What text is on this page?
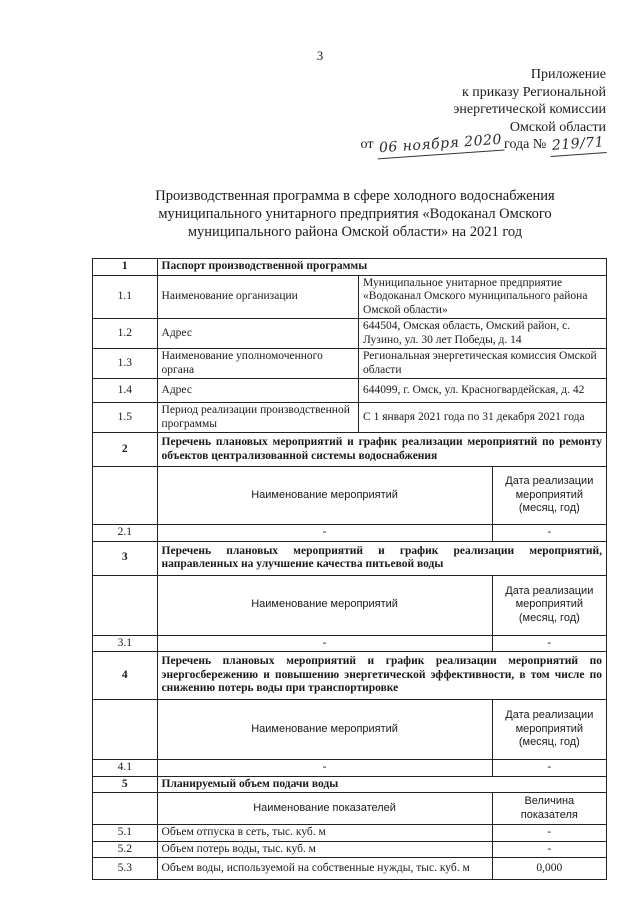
3
Приложение
к приказу Региональной
энергетической комиссии
Омской области
от 06 ноября 2020 года № 219/71
Производственная программа в сфере холодного водоснабжения
муниципального унитарного предприятия «Водоканал Омского
муниципального района Омской области» на 2021 год
1	Паспорт производственной программы		
1.1	Наименование организации	Муниципальное унитарное предприятие «Водоканал Омского муниципального района Омской области»	
1.2	Адрес	644504, Омская область, Омский район, с. Лузино, ул. 30 лет Победы, д. 14	
1.3	Наименование уполномоченного органа	Региональная энергетическая комиссия Омской области	
1.4	Адрес	644099, г. Омск, ул. Красногвардейская, д. 42	
1.5	Период реализации производственной программы	С 1 января 2021 года по 31 декабря 2021 года	
2	Перечень плановых мероприятий и график реализации мероприятий по ремонту объектов централизованной системы водоснабжения		
	Наименование мероприятий		Дата реализации мероприятий (месяц, год)
2.1	-		-
3	Перечень плановых мероприятий и график реализации мероприятий, направленных на улучшение качества питьевой воды		
	Наименование мероприятий		Дата реализации мероприятий (месяц, год)
3.1	-		-
4	Перечень плановых мероприятий и график реализации мероприятий по энергосбережению и повышению энергетической эффективности, в том числе по снижению потерь воды при транспортировке		
	Наименование мероприятий		Дата реализации мероприятий (месяц, год)
4.1	-		-
5	Планируемый объем подачи воды		
	Наименование показателей		Величина показателя
5.1	Объем отпуска в сеть, тыс. куб. м		-
5.2	Объем потерь воды, тыс. куб. м		-
5.3	Объем воды, используемой на собственные нужды, тыс. куб. м		0,000
